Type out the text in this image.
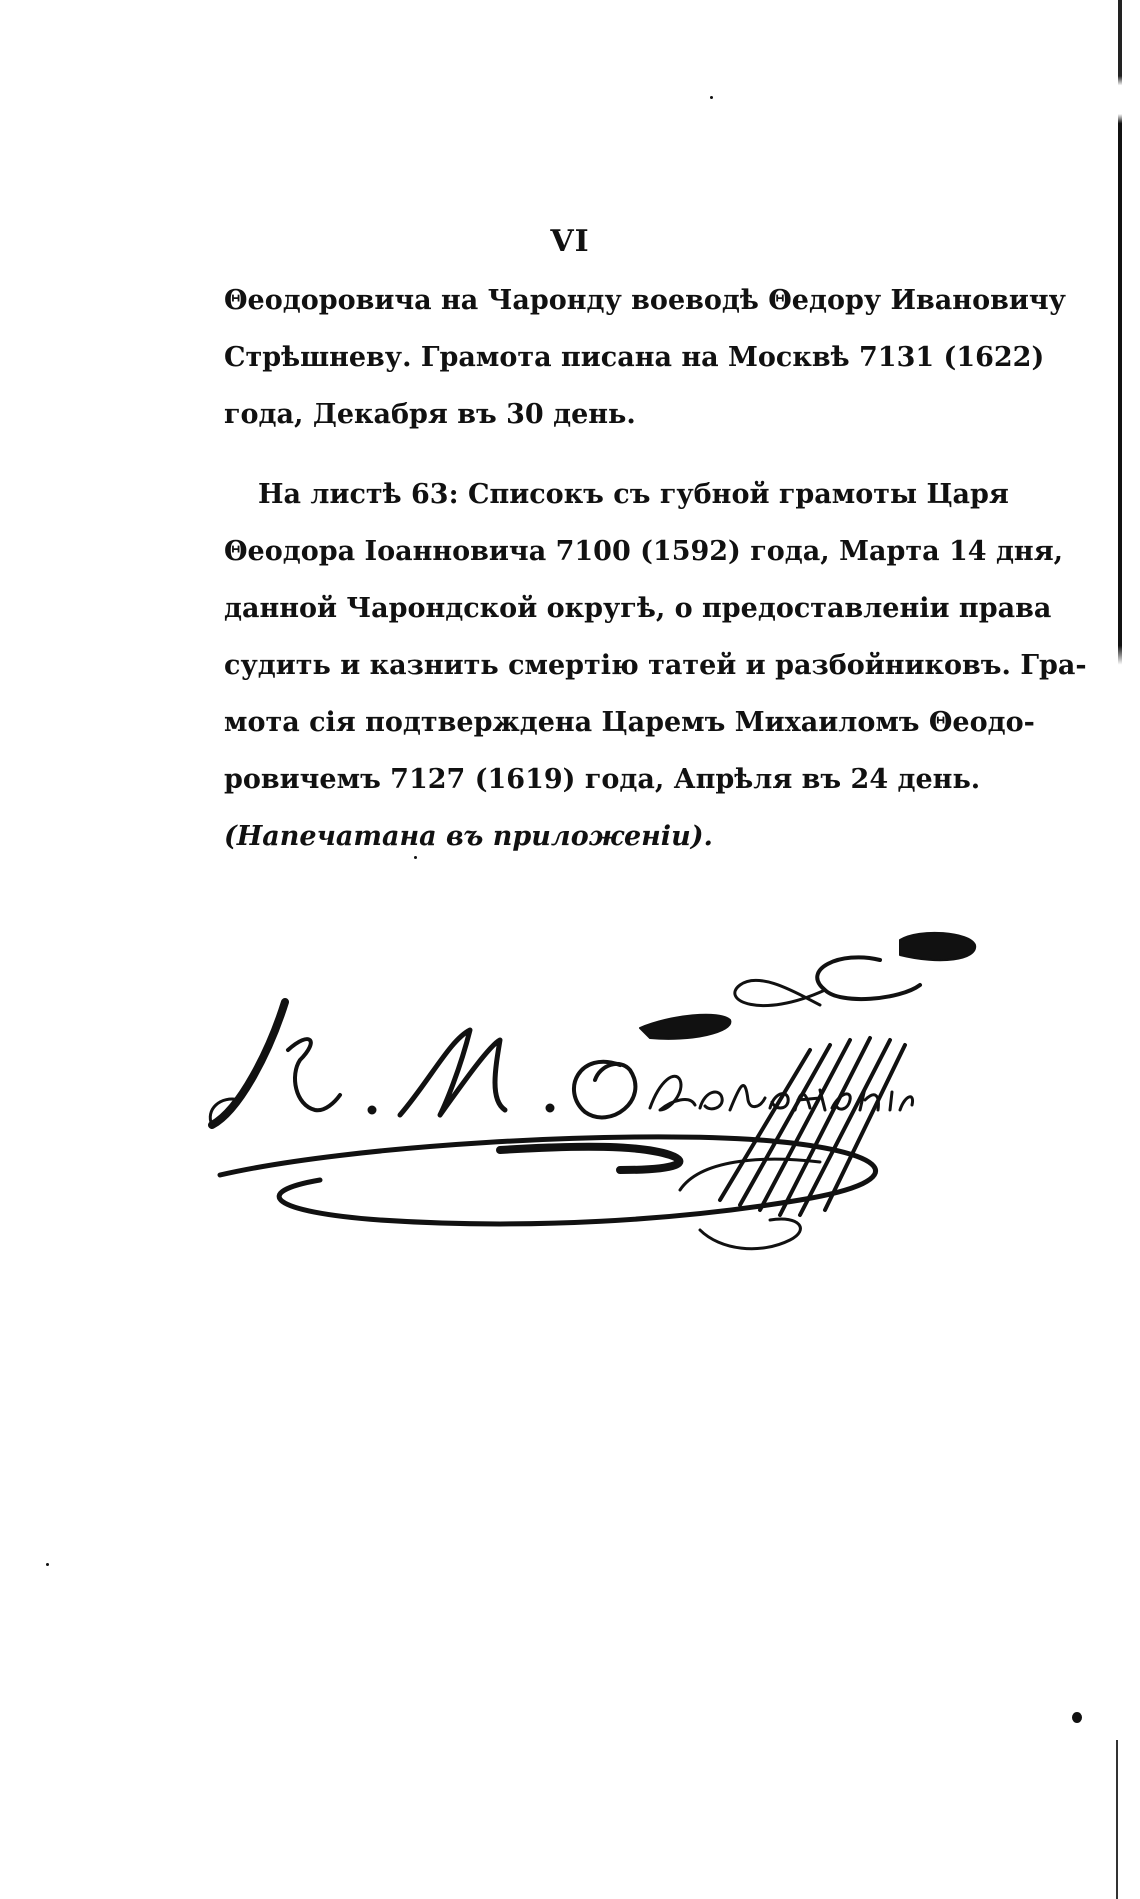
VI
Θеодоровича на Чаронду воеводѣ Θедору Ивановичу
Стрѣшневу. Грамота писана на Москвѣ 7131 (1622)
года, Декабря въ 30 день.
На листѣ 63: Списокъ съ губной грамоты Царя
Θеодора Іоанновича 7100 (1592) года, Марта 14 дня,
данной Чарондской округѣ, о предоставленіи права
судить и казнить смертію татей и разбойниковъ. Гра-
мота сія подтверждена Царемъ Михаиломъ Θеодо-
ровичемъ 7127 (1619) года, Апрѣля въ 24 день.
(Напечатана въ приложеніи).
